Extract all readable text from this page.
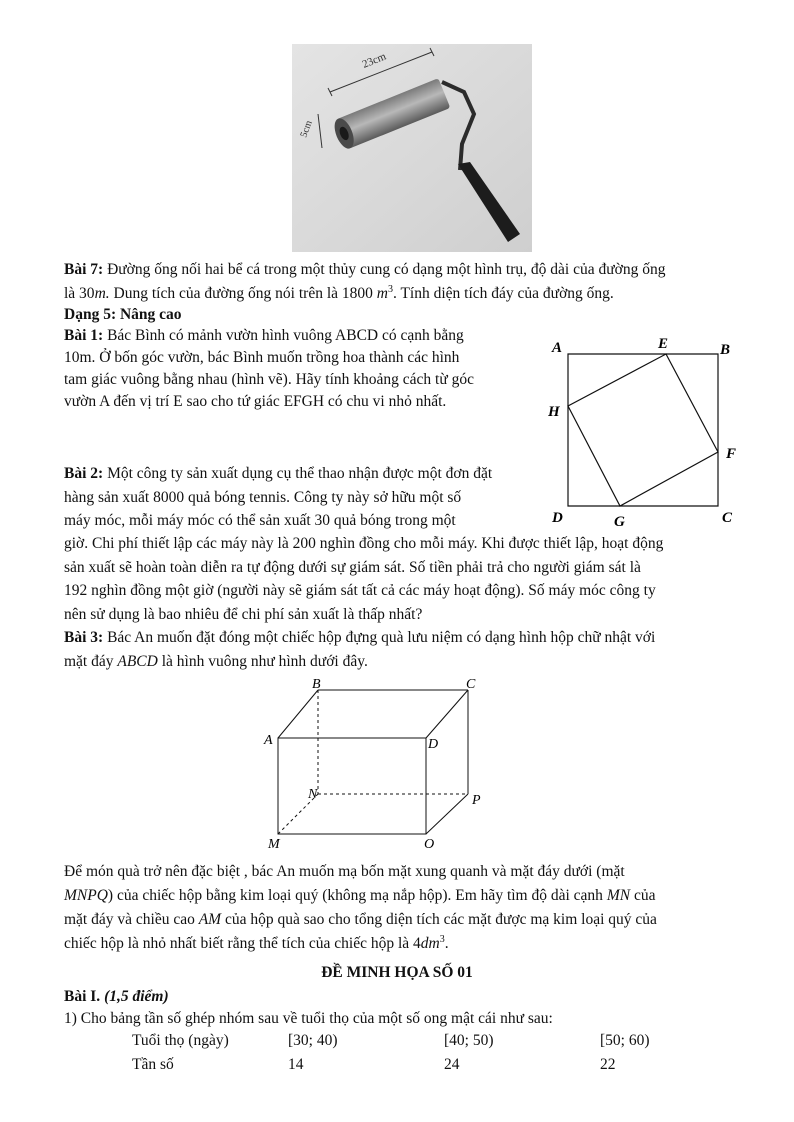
23cm
5cm
Bài 7: Đường ống nối hai bể cá trong một thủy cung có dạng một hình trụ, độ dài của đường ống
là 30m. Dung tích của đường ống nói trên là 1800 $m^3$. Tính diện tích đáy của đường ống.
Dạng 5: Nâng cao
Bài 1: Bác Bình có mảnh vườn hình vuông ABCD có cạnh bằng
10m. Ở bốn góc vườn, bác Bình muốn trồng hoa thành các hình
tam giác vuông bằng nhau (hình vẽ). Hãy tính khoảng cách từ góc
vườn A đến vị trí E sao cho tứ giác EFGH có chu vi nhỏ nhất.
A	B
C
D
E
F
G
H
Bài 2: Một công ty sản xuất dụng cụ thể thao nhận được một đơn đặt
hàng sản xuất 8000 quả bóng tennis. Công ty này sở hữu một số
máy móc, mỗi máy móc có thể sản xuất 30 quả bóng trong một
giờ. Chi phí thiết lập các máy này là 200 nghìn đồng cho mỗi máy. Khi được thiết lập, hoạt động
sản xuất sẽ hoàn toàn diễn ra tự động dưới sự giám sát. Số tiền phải trả cho người giám sát là
192 nghìn đồng một giờ (người này sẽ giám sát tất cả các máy hoạt động). Số máy móc công ty
nên sử dụng là bao nhiêu để chi phí sản xuất là thấp nhất?
Bài 3: Bác An muốn đặt đóng một chiếc hộp đựng quà lưu niệm có dạng hình hộp chữ nhật với
mặt đáy ABCD là hình vuông như hình dưới đây.
B	C
A	D
N	P
M	Q
Để món quà trở nên đặc biệt , bác An muốn mạ bốn mặt xung quanh và mặt đáy dưới (mặt
MNPQ) của chiếc hộp bằng kim loại quý (không mạ nắp hộp). Em hãy tìm độ dài cạnh MN của
mặt đáy và chiều cao AM của hộp quà sao cho tổng diện tích các mặt được mạ kim loại quý của
chiếc hộp là nhỏ nhất biết rằng thể tích của chiếc hộp là $4dm^3$.
ĐỀ MINH HỌA SỐ 01
Bài I. (1,5 điểm)
1) Cho bảng tần số ghép nhóm sau về tuổi thọ của một số ong mật cái như sau:
Tuổi thọ (ngày)	[30; 40)	[40; 50)	[50; 60)
Tần số	14	24	22
